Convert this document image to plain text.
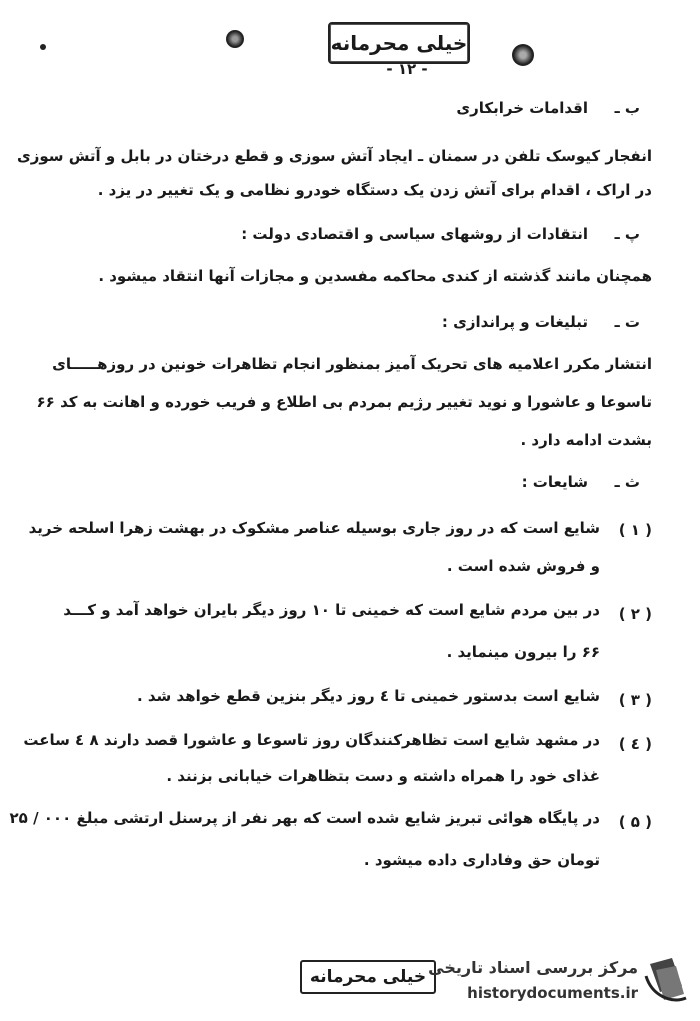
خیلی محرمانه
- ۱۲ -
ب ـ
اقدامات خرابکاری
انفجار کیوسک تلفن در سمنان ـ ایجاد آتش سوزی و قطع درختان در بابل و آتش سوزی
در اراک ، اقدام برای آتش زدن یک دستگاه خودرو نظامی و یک تغییر در یزد .
پ ـ
انتقادات از روشهای سیاسی و اقتصادی دولت :
همچنان مانند گذشته از کندی محاکمه مفسدین و مجازات آنها انتقاد میشود .
ت ـ
تبلیغات و پراندازی :
انتشار مکرر اعلامیه های تحریک آمیز بمنظور انجام تظاهرات خونین در روزهـــــای
تاسوعا و عاشورا و نوید تغییر رژیم بمردم بی اطلاع و فریب خورده و اهانت به کد ۶۶
بشدت ادامه دارد .
ث ـ
شایعات :
( ۱ )
شایع است که در روز جاری بوسیله عناصر مشکوک در بهشت زهرا اسلحه خرید
و فروش شده است .
( ۲ )
در بین مردم شایع است که خمینی تا ۱۰ روز دیگر بایران خواهد آمد و کـــد
۶۶ را بیرون مینماید .
( ۳ )
شایع است بدستور خمینی تا ٤ روز دیگر بنزین قطع خواهد شد .
( ٤ )
در مشهد شایع است تظاهرکنندگان روز تاسوعا و عاشورا قصد دارند ۸ ٤ ساعت
غذای خود را همراه داشته و دست بتظاهرات خیابانی بزنند .
( ۵ )
در پایگاه هوائی تبریز شایع شده است که بهر نفر از پرسنل ارتشی مبلغ ۰۰۰ / ۲۵
تومان حق وفاداری داده میشود .
خیلی محرمانه مرکز بررسی اسناد تاریخی
historydocuments.ir
